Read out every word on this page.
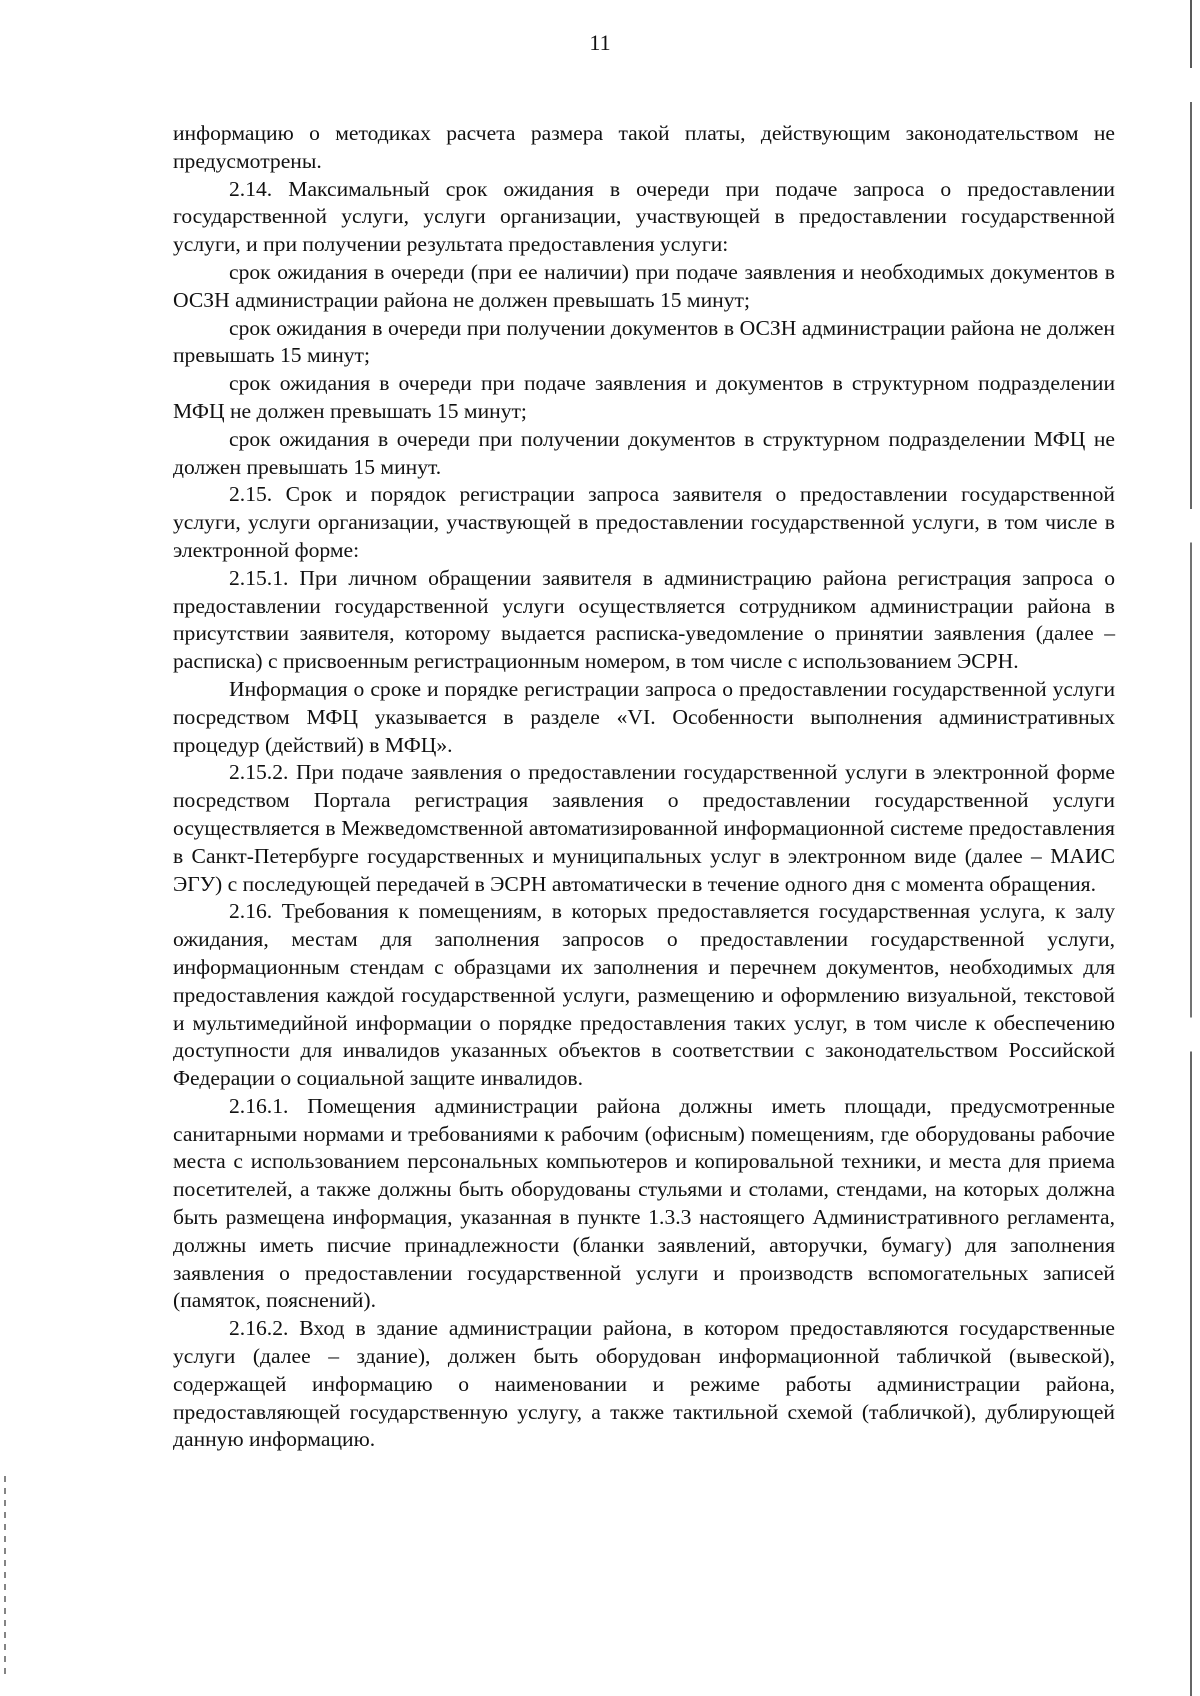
11

информацию о методиках расчета размера такой платы, действующим законодательством не предусмотрены.

2.14. Максимальный срок ожидания в очереди при подаче запроса о предоставлении государственной услуги, услуги организации, участвующей в предоставлении государственной услуги, и при получении результата предоставления услуги:

срок ожидания в очереди (при ее наличии) при подаче заявления и необходимых документов в ОСЗН администрации района не должен превышать 15 минут;

срок ожидания в очереди при получении документов в ОСЗН администрации района не должен превышать 15 минут;

срок ожидания в очереди при подаче заявления и документов в структурном подразделении МФЦ не должен превышать 15 минут;

срок ожидания в очереди при получении документов в структурном подразделении МФЦ не должен превышать 15 минут.

2.15. Срок и порядок регистрации запроса заявителя о предоставлении государственной услуги, услуги организации, участвующей в предоставлении государственной услуги, в том числе в электронной форме:

2.15.1. При личном обращении заявителя в администрацию района регистрация запроса о предоставлении государственной услуги осуществляется сотрудником администрации района в присутствии заявителя, которому выдается расписка-уведомление о принятии заявления (далее – расписка) с присвоенным регистрационным номером, в том числе с использованием ЭСРН.

Информация о сроке и порядке регистрации запроса о предоставлении государственной услуги посредством МФЦ указывается в разделе «VI. Особенности выполнения административных процедур (действий) в МФЦ».

2.15.2. При подаче заявления о предоставлении государственной услуги в электронной форме посредством Портала регистрация заявления о предоставлении государственной услуги осуществляется в Межведомственной автоматизированной информационной системе предоставления в Санкт-Петербурге государственных и муниципальных услуг в электронном виде (далее – МАИС ЭГУ) с последующей передачей в ЭСРН автоматически в течение одного дня с момента обращения.

2.16. Требования к помещениям, в которых предоставляется государственная услуга, к залу ожидания, местам для заполнения запросов о предоставлении государственной услуги, информационным стендам с образцами их заполнения и перечнем документов, необходимых для предоставления каждой государственной услуги, размещению и оформлению визуальной, текстовой и мультимедийной информации о порядке предоставления таких услуг, в том числе к обеспечению доступности для инвалидов указанных объектов в соответствии с законодательством Российской Федерации о социальной защите инвалидов.

2.16.1. Помещения администрации района должны иметь площади, предусмотренные санитарными нормами и требованиями к рабочим (офисным) помещениям, где оборудованы рабочие места с использованием персональных компьютеров и копировальной техники, и места для приема посетителей, а также должны быть оборудованы стульями и столами, стендами, на которых должна быть размещена информация, указанная в пункте 1.3.3 настоящего Административного регламента, должны иметь писчие принадлежности (бланки заявлений, авторучки, бумагу) для заполнения заявления о предоставлении государственной услуги и производств вспомогательных записей (памяток, пояснений).

2.16.2. Вход в здание администрации района, в котором предоставляются государственные услуги (далее – здание), должен быть оборудован информационной табличкой (вывеской), содержащей информацию о наименовании и режиме работы администрации района, предоставляющей государственную услугу, а также тактильной схемой (табличкой), дублирующей данную информацию.
